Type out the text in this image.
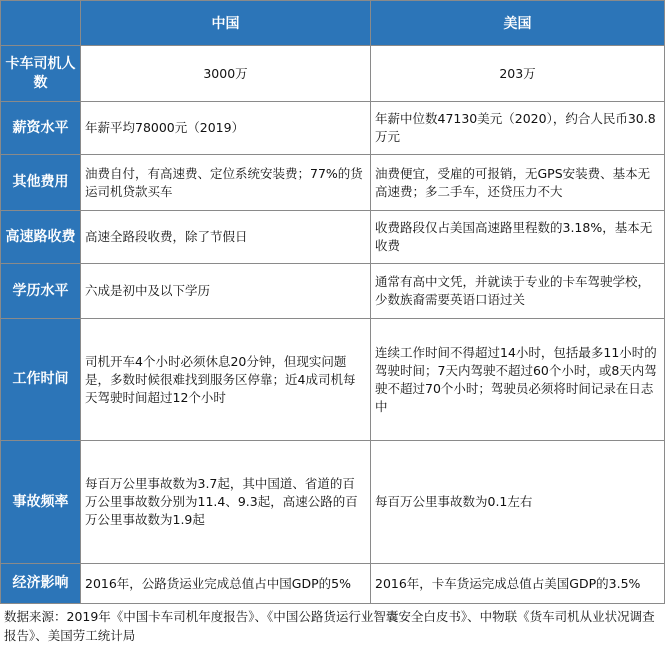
	中国	美国
卡车司机人数	3000万	203万
薪资水平	年薪平均78000元（2019）	年薪中位数47130美元（2020），约合人民币30.8万元
其他费用	油费自付，有高速费、定位系统安装费；77%的货运司机贷款买车	油费便宜，受雇的可报销，无GPS安装费、基本无高速费；多二手车，还贷压力不大
高速路收费	高速全路段收费，除了节假日	收费路段仅占美国高速路里程数的3.18%，基本无收费
学历水平	六成是初中及以下学历	通常有高中文凭，并就读于专业的卡车驾驶学校，少数族裔需要英语口语过关
工作时间	司机开车4个小时必须休息20分钟，但现实问题是，多数时候很难找到服务区停靠；近4成司机每天驾驶时间超过12个小时	连续工作时间不得超过14小时，包括最多11小时的驾驶时间；7天内驾驶不超过60个小时，或8天内驾驶不超过70个小时；驾驶员必须将时间记录在日志中
事故频率	每百万公里事故数为3.7起，其中国道、省道的百万公里事故数分别为11.4、9.3起，高速公路的百万公里事故数为1.9起	每百万公里事故数为0.1左右
经济影响	2016年，公路货运业完成总值占中国GDP的5%	2016年，卡车货运完成总值占美国GDP的3.5%
数据来源：2019年《中国卡车司机年度报告》、《中国公路货运行业智囊安全白皮书》、中物联《货车司机从业状况调查报告》、美国劳工统计局
